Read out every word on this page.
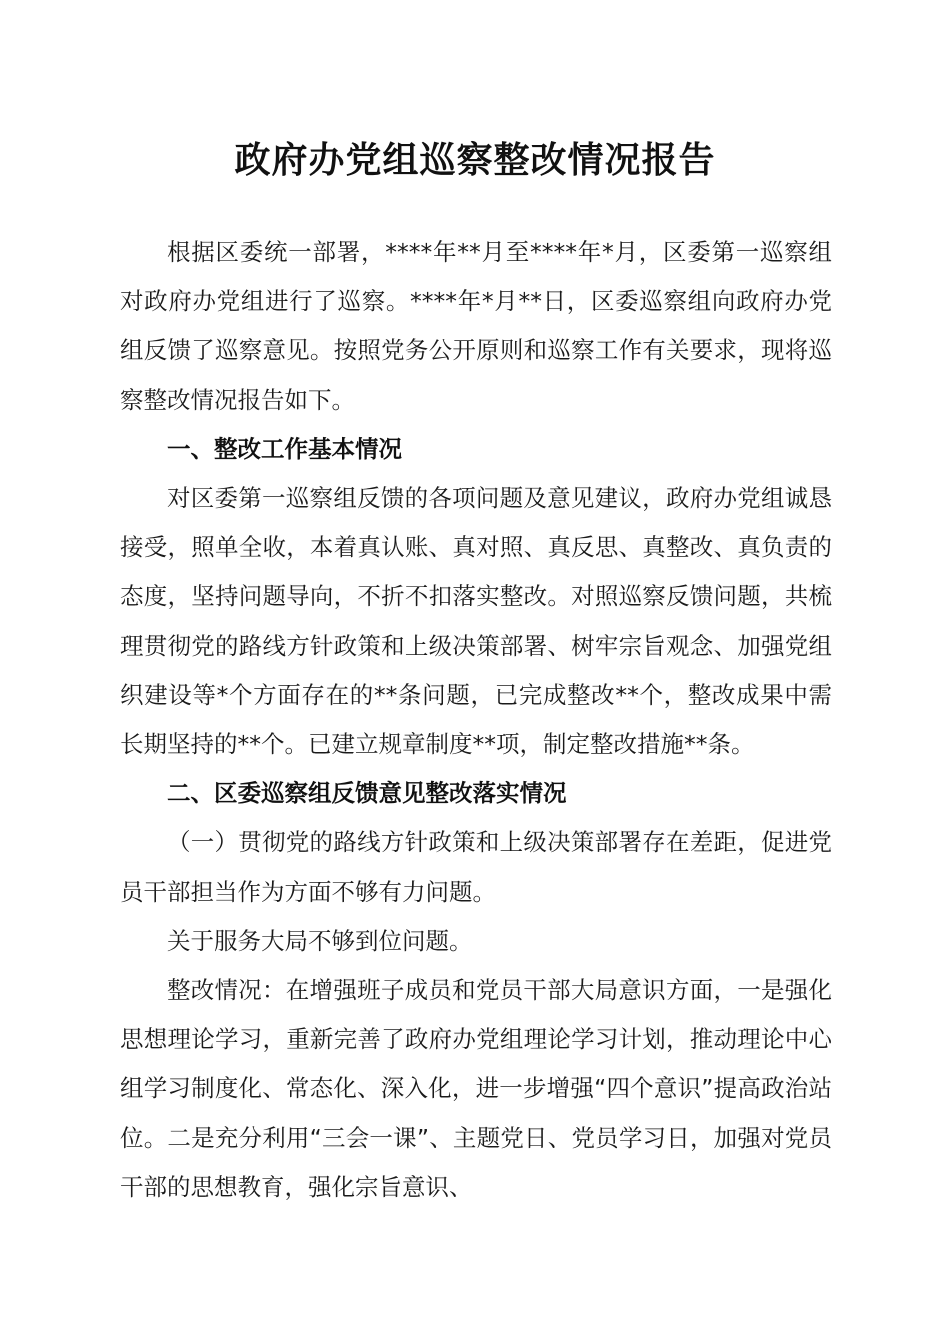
政府办党组巡察整改情况报告

根据区委统一部署，****年**月至****年*月，区委第一巡察组对政府办党组进行了巡察。****年*月**日，区委巡察组向政府办党组反馈了巡察意见。按照党务公开原则和巡察工作有关要求，现将巡察整改情况报告如下。

一、整改工作基本情况

对区委第一巡察组反馈的各项问题及意见建议，政府办党组诚恳接受，照单全收，本着真认账、真对照、真反思、真整改、真负责的态度，坚持问题导向，不折不扣落实整改。对照巡察反馈问题，共梳理贯彻党的路线方针政策和上级决策部署、树牢宗旨观念、加强党组织建设等*个方面存在的**条问题，已完成整改**个，整改成果中需长期坚持的**个。已建立规章制度**项，制定整改措施**条。

二、区委巡察组反馈意见整改落实情况

（一）贯彻党的路线方针政策和上级决策部署存在差距，促进党员干部担当作为方面不够有力问题。

关于服务大局不够到位问题。

整改情况：在增强班子成员和党员干部大局意识方面，一是强化思想理论学习，重新完善了政府办党组理论学习计划，推动理论中心组学习制度化、常态化、深入化，进一步增强“四个意识”提高政治站位。二是充分利用“三会一课”、主题党日、党员学习日，加强对党员干部的思想教育，强化宗旨意识、
